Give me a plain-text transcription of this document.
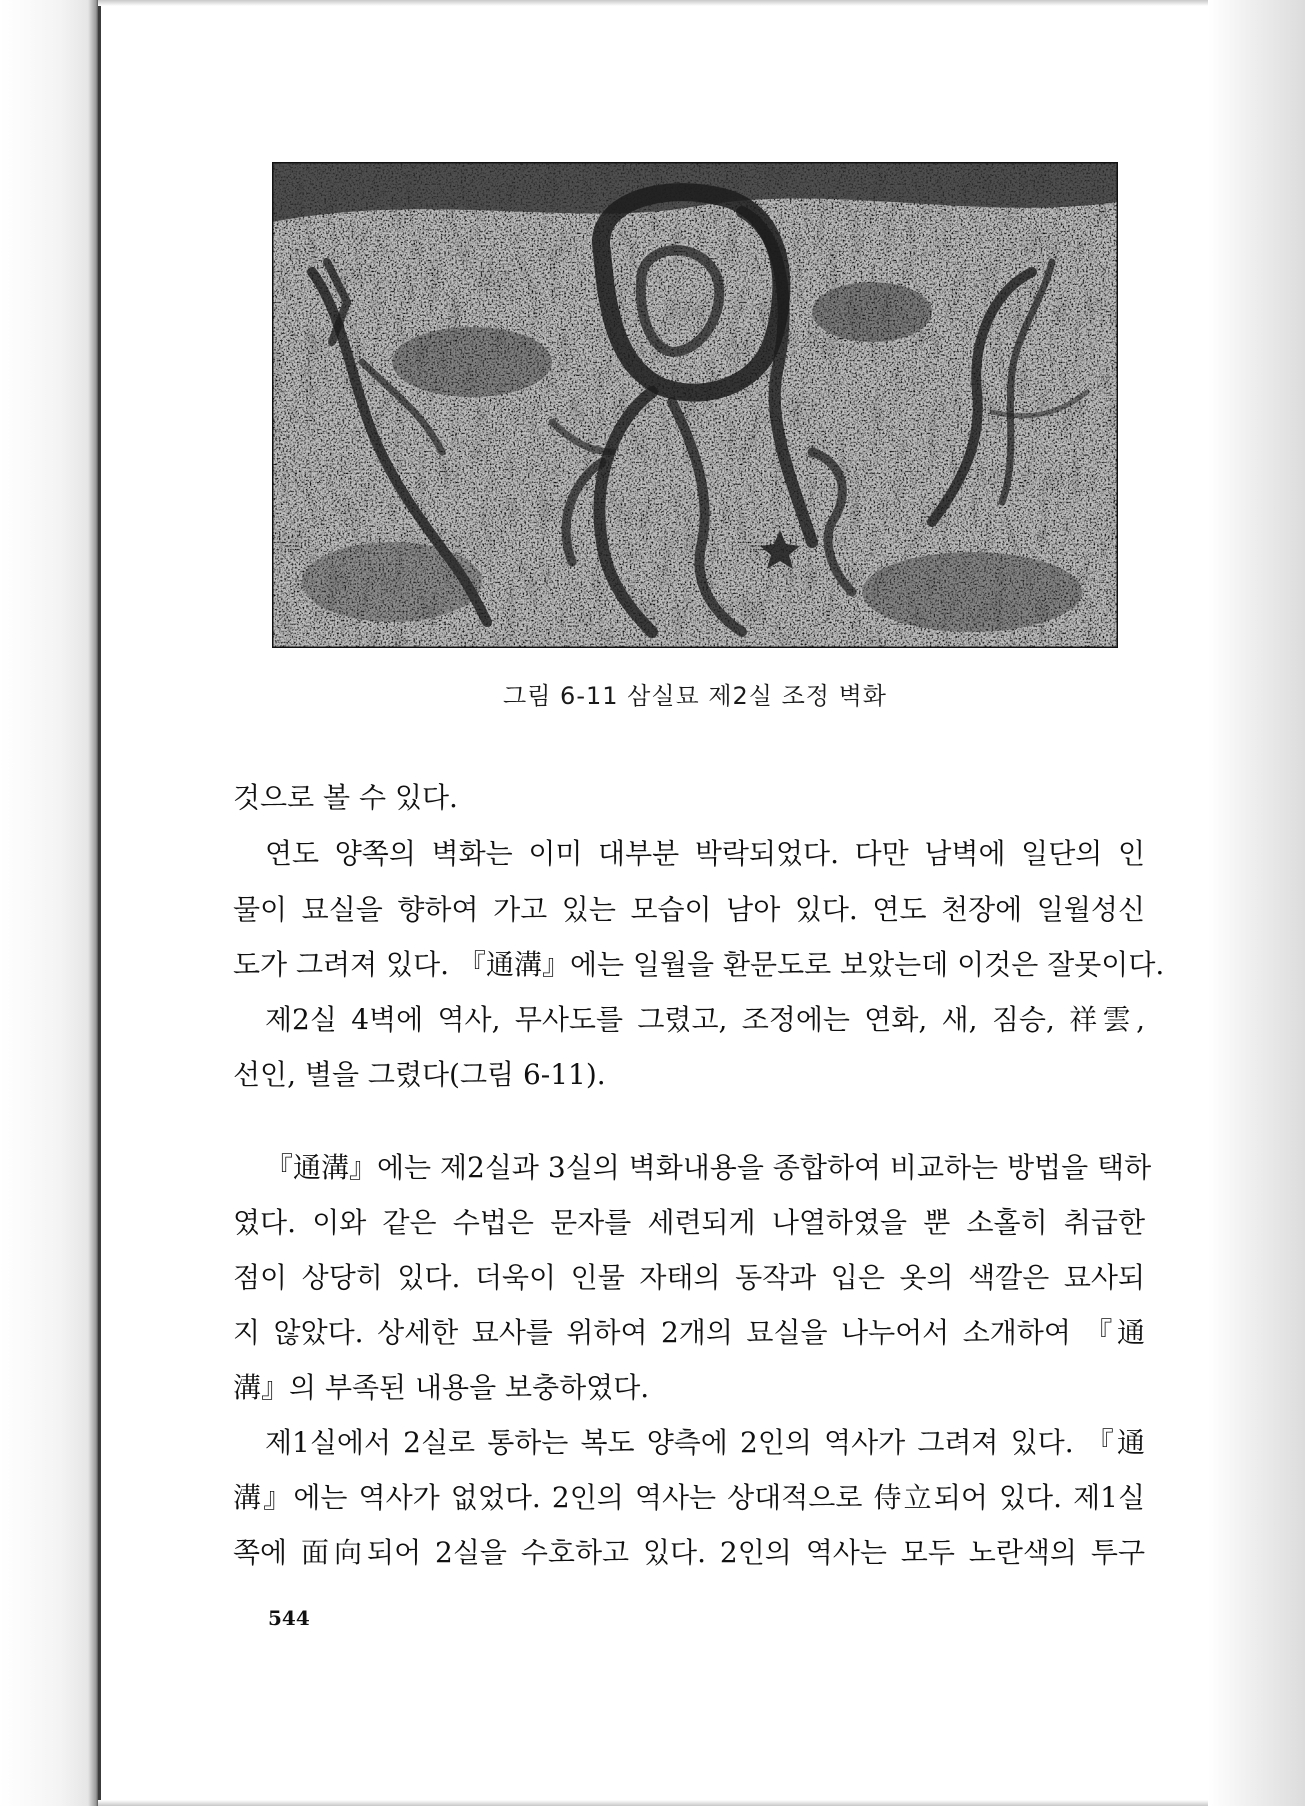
그림 6-11 삼실묘 제2실 조정 벽화
것으로 볼 수 있다.
연도 양쪽의 벽화는 이미 대부분 박락되었다. 다만 남벽에 일단의 인
물이 묘실을 향하여 가고 있는 모습이 남아 있다. 연도 천장에 일월성신
도가 그려져 있다. 『通溝』에는 일월을 환문도로 보았는데 이것은 잘못이다.
제2실 4벽에 역사, 무사도를 그렸고, 조정에는 연화, 새, 짐승, 祥雲,
선인, 별을 그렸다(그림 6-11).
『通溝』에는 제2실과 3실의 벽화내용을 종합하여 비교하는 방법을 택하
였다. 이와 같은 수법은 문자를 세련되게 나열하였을 뿐 소홀히 취급한
점이 상당히 있다. 더욱이 인물 자태의 동작과 입은 옷의 색깔은 묘사되
지 않았다. 상세한 묘사를 위하여 2개의 묘실을 나누어서 소개하여 『通
溝』의 부족된 내용을 보충하였다.
제1실에서 2실로 통하는 복도 양측에 2인의 역사가 그려져 있다. 『通
溝』에는 역사가 없었다. 2인의 역사는 상대적으로 侍立되어 있다. 제1실
쪽에 面向되어 2실을 수호하고 있다. 2인의 역사는 모두 노란색의 투구
544
